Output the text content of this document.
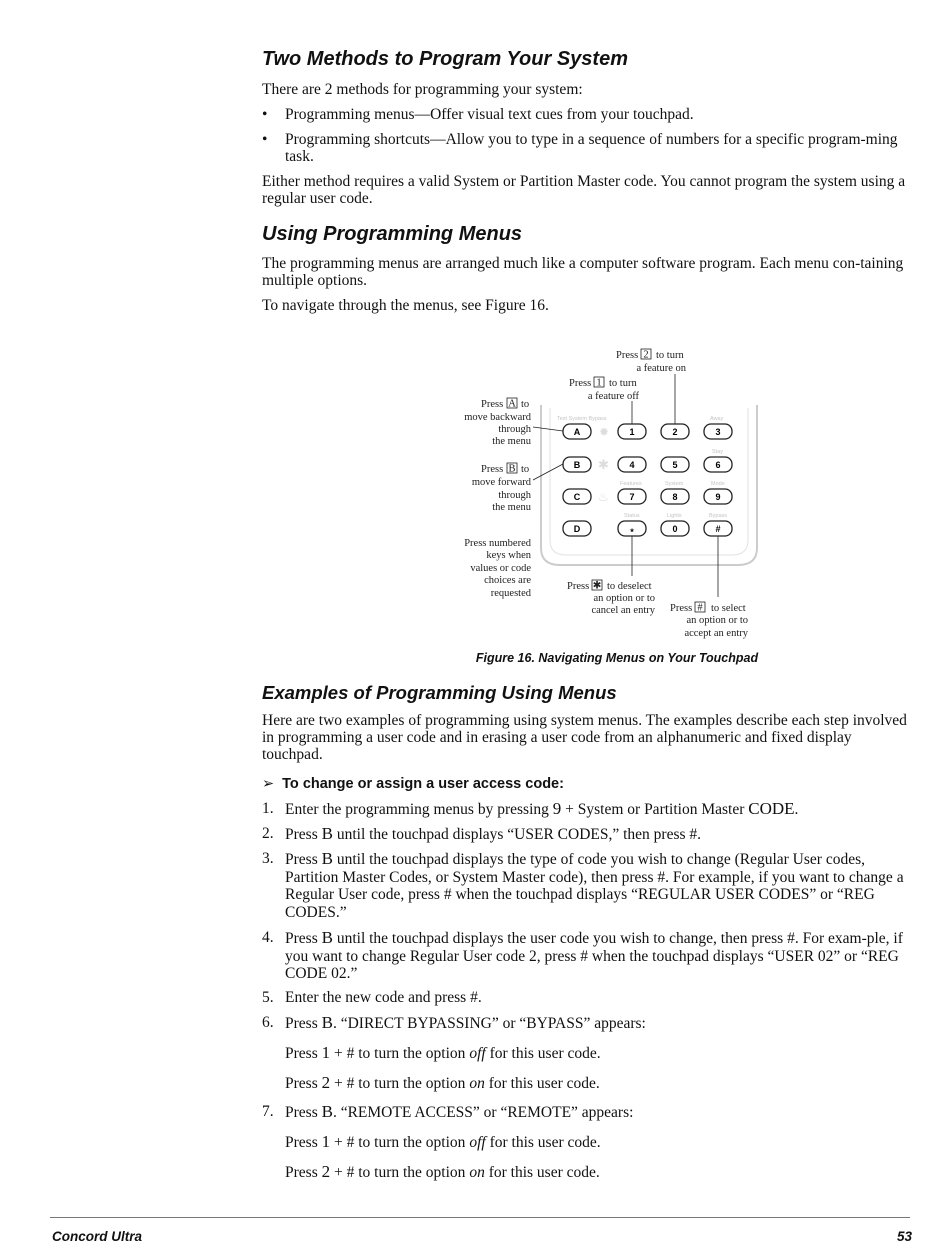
Two Methods to Program Your System

There are 2 methods for programming your system:

• Programming menus—Offer visual text cues from your touchpad.
• Programming shortcuts—Allow you to type in a sequence of numbers for a specific program-ming task.

Either method requires a valid System or Partition Master code. You cannot program the system using a regular user code.

Using Programming Menus

The programming menus are arranged much like a computer software program. Each menu con-taining multiple options.

To navigate through the menus, see Figure 16.

Test System Bypass	Away
Stay
Features	System	Mode
Status	Lights	Bypass
✹
✱
♨
A	1	2	3
B	4	5	6
C	7	8	9
D	*	0	#
Press 2 to turn
a feature on
Press 1 to turn
a feature off
Press A to
move backward
through
the menu
Press B to
move forward
through
the menu
Press numbered
keys when
values or code
choices are
requested
Press ✱ to deselect
an option or to
cancel an entry Press # to select
an option or to
accept an entry
Figure 16. Navigating Menus on Your Touchpad
Examples of Programming Using Menus

Here are two examples of programming using system menus. The examples describe each step involved in programming a user code and in erasing a user code from an alphanumeric and fixed display touchpad.

➢ To change or assign a user access code:
1. Enter the programming menus by pressing 9 + System or Partition Master CODE.
2. Press B until the touchpad displays “USER CODES,” then press #.
3. Press B until the touchpad displays the type of code you wish to change (Regular User codes, Partition Master Codes, or System Master code), then press #. For example, if you want to change a Regular User code, press # when the touchpad displays “REGULAR USER CODES” or “REG CODES.”
4. Press B until the touchpad displays the user code you wish to change, then press #. For exam-ple, if you want to change Regular User code 2, press # when the touchpad displays “USER 02” or “REG CODE 02.”
5. Enter the new code and press #.
6. Press B. “DIRECT BYPASSING” or “BYPASS” appears:
Press 1 + # to turn the option off for this user code.
Press 2 + # to turn the option on for this user code.
7. Press B. “REMOTE ACCESS” or “REMOTE” appears:
Press 1 + # to turn the option off for this user code.
Press 2 + # to turn the option on for this user code.
Concord Ultra	53
